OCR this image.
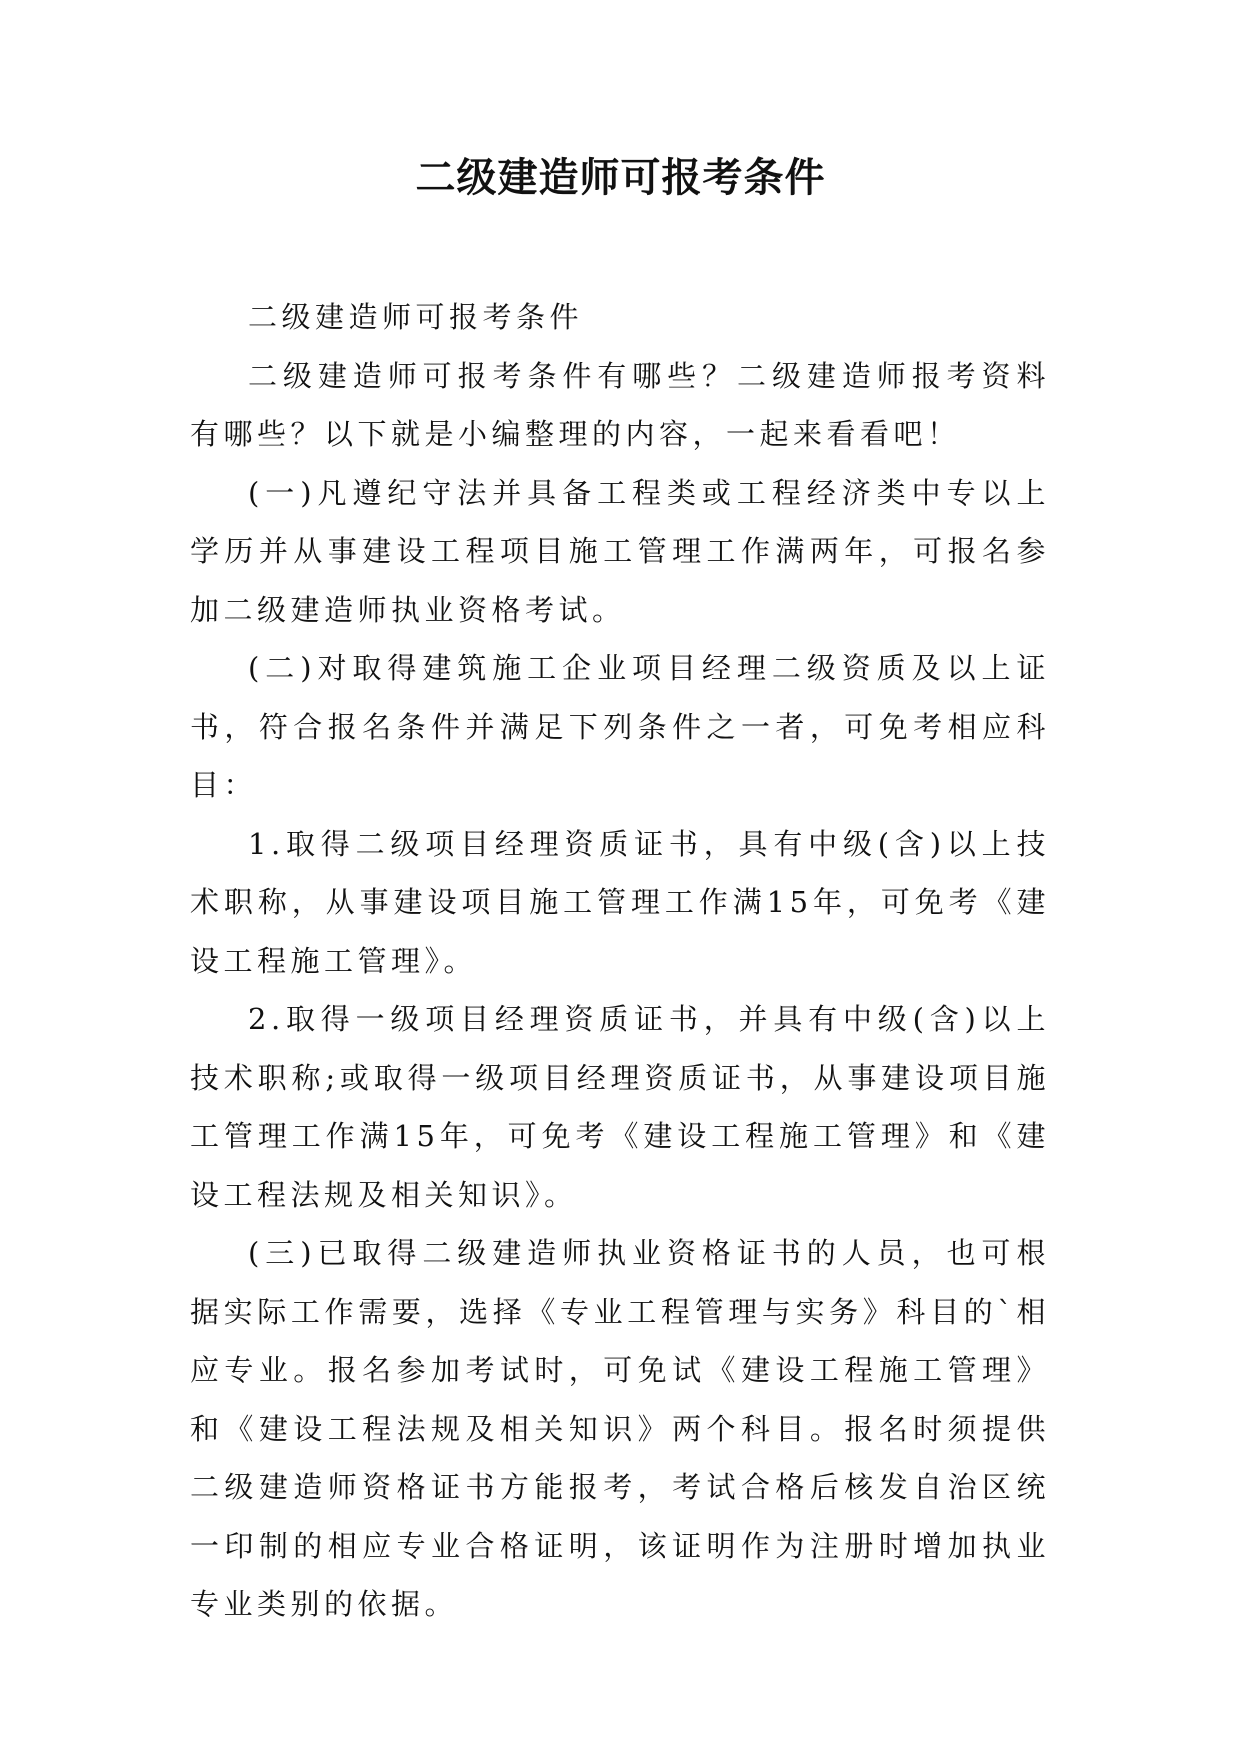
二级建造师可报考条件

二级建造师可报考条件

二级建造师可报考条件有哪些？二级建造师报考资料有哪些？以下就是小编整理的内容，一起来看看吧！

(一)凡遵纪守法并具备工程类或工程经济类中专以上学历并从事建设工程项目施工管理工作满两年，可报名参加二级建造师执业资格考试。

(二)对取得建筑施工企业项目经理二级资质及以上证书，符合报名条件并满足下列条件之一者，可免考相应科目：

1.取得二级项目经理资质证书，具有中级(含)以上技术职称，从事建设项目施工管理工作满15年，可免考《建设工程施工管理》。

2.取得一级项目经理资质证书，并具有中级(含)以上技术职称;或取得一级项目经理资质证书，从事建设项目施工管理工作满15年，可免考《建设工程施工管理》和《建设工程法规及相关知识》。

(三)已取得二级建造师执业资格证书的人员，也可根据实际工作需要，选择《专业工程管理与实务》科目的`相应专业。报名参加考试时，可免试《建设工程施工管理》和《建设工程法规及相关知识》两个科目。报名时须提供二级建造师资格证书方能报考，考试合格后核发自治区统一印制的相应专业合格证明，该证明作为注册时增加执业专业类别的依据。
